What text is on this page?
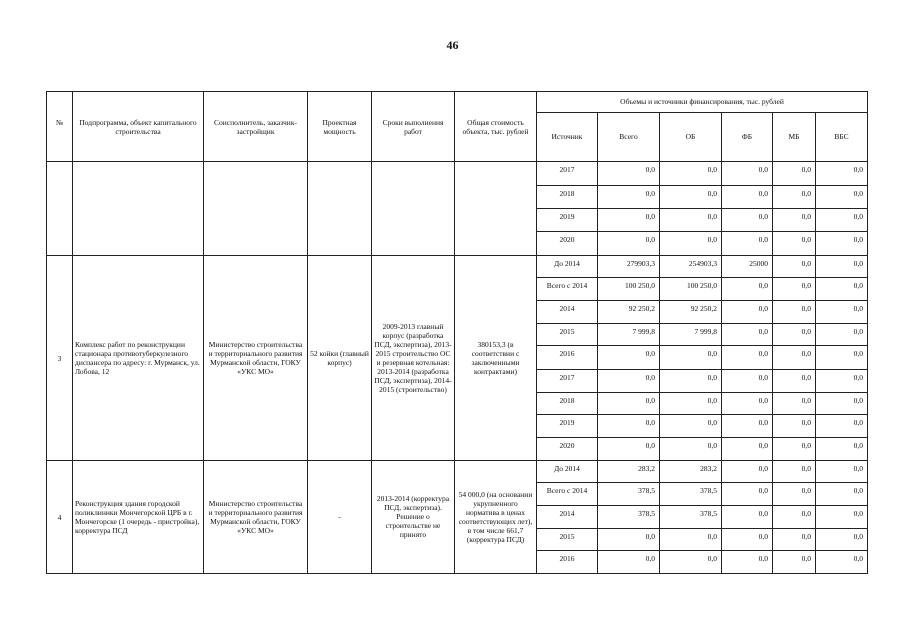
46
№	Подпрограмма, объект капитального строительства	Соисполнитель, заказчик-застройщик	Проектная мощность	Сроки выполнения работ	Общая стоимость объекта, тыс. рублей	Объемы и источники финансирования, тыс. рублей					
						Источник	Всего	ОБ	ФБ	МБ	ВБС
						2017	0,0	0,0	0,0	0,0	0,0
						2018	0,0	0,0	0,0	0,0	0,0
						2019	0,0	0,0	0,0	0,0	0,0
						2020	0,0	0,0	0,0	0,0	0,0
3	Комплекс работ по реконструкции стационара противотуберкулезного диспансера по адресу: г. Мурманск, ул. Лобова, 12	Министерство строительства и территориального развития Мурманской области, ГОКУ «УКС МО»	52 койки (главный корпус)	2009-2013 главный корпус (разработка ПСД, экспертиза), 2013-2015 строительство ОС и резервная котельная: 2013-2014 (разработка ПСД, экспертиза), 2014-2015 (строительство)	380153,3 (в соответствии с заключенными контрактами)	До 2014	279903,3	254903,3	25000	0,0	0,0
						Всего с 2014	100 250,0	100 250,0	0,0	0,0	0,0
						2014	92 250,2	92 250,2	0,0	0,0	0,0
						2015	7 999,8	7 999,8	0,0	0,0	0,0
						2016	0,0	0,0	0,0	0,0	0,0
						2017	0,0	0,0	0,0	0,0	0,0
						2018	0,0	0,0	0,0	0,0	0,0
						2019	0,0	0,0	0,0	0,0	0,0
						2020	0,0	0,0	0,0	0,0	0,0
4	Реконструкция здания городской поликлиники Мончегорской ЦРБ в г. Мончегорске (1 очередь - пристройка), корректура ПСД	Министерство строительства и территориального развития Мурманской области, ГОКУ «УКС МО»	-	2013-2014 (корректура ПСД, экспертиза). Решение о строительстве не принято	54 000,0 (на основании укрупненного норматива в ценах соответствующих лет), в том числе 661,7 (корректура ПСД)	До 2014	283,2	283,2	0,0	0,0	0,0
						Всего с 2014	378,5	378,5	0,0	0,0	0,0
						2014	378,5	378,5	0,0	0,0	0,0
						2015	0,0	0,0	0,0	0,0	0,0
						2016	0,0	0,0	0,0	0,0	0,0
